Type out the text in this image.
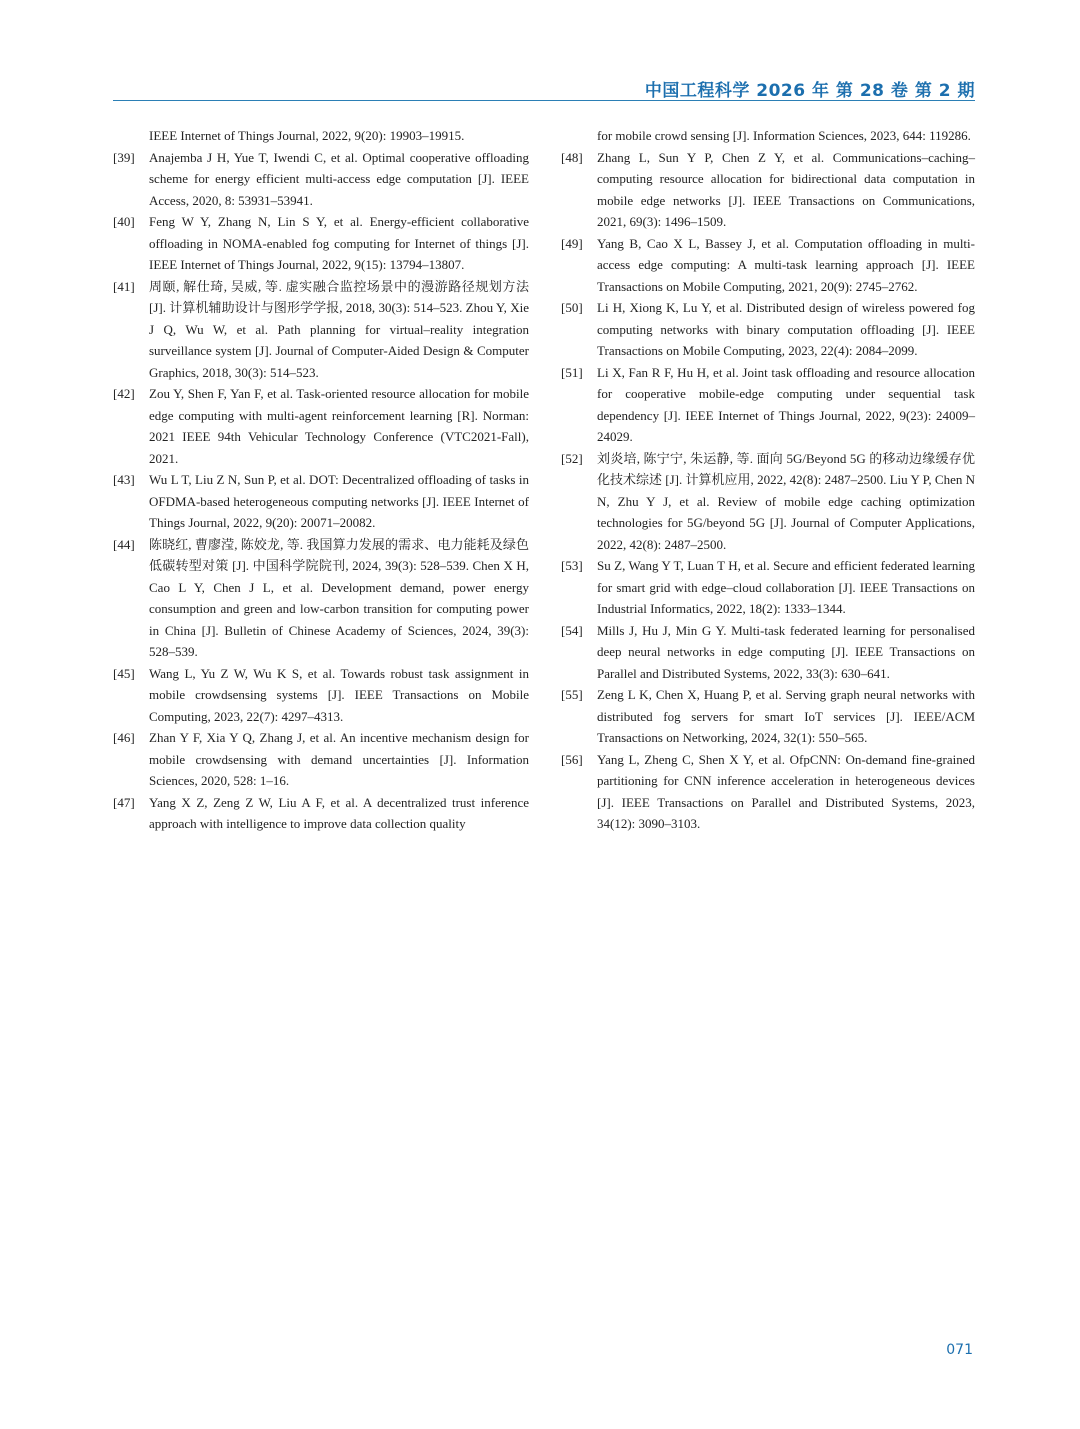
中国工程科学 2026 年 第 28 卷 第 2 期

IEEE Internet of Things Journal, 2022, 9(20): 19903–19915.

[39] Anajemba J H, Yue T, Iwendi C, et al. Optimal cooperative offloading scheme for energy efficient multi-access edge computation [J]. IEEE Access, 2020, 8: 53931–53941.
[40] Feng W Y, Zhang N, Lin S Y, et al. Energy-efficient collaborative offloading in NOMA-enabled fog computing for Internet of things [J]. IEEE Internet of Things Journal, 2022, 9(15): 13794–13807.
[41] 周颐, 解仕琦, 吴威, 等. 虚实融合监控场景中的漫游路径规划方法 [J]. 计算机辅助设计与图形学学报, 2018, 30(3): 514–523. Zhou Y, Xie J Q, Wu W, et al. Path planning for virtual–reality integration surveillance system [J]. Journal of Computer-Aided Design & Computer Graphics, 2018, 30(3): 514–523.
[42] Zou Y, Shen F, Yan F, et al. Task-oriented resource allocation for mobile edge computing with multi-agent reinforcement learning [R]. Norman: 2021 IEEE 94th Vehicular Technology Conference (VTC2021-Fall), 2021.
[43] Wu L T, Liu Z N, Sun P, et al. DOT: Decentralized offloading of tasks in OFDMA-based heterogeneous computing networks [J]. IEEE Internet of Things Journal, 2022, 9(20): 20071–20082.
[44] 陈晓红, 曹廖滢, 陈姣龙, 等. 我国算力发展的需求、电力能耗及绿色低碳转型对策 [J]. 中国科学院院刊, 2024, 39(3): 528–539. Chen X H, Cao L Y, Chen J L, et al. Development demand, power energy consumption and green and low-carbon transition for computing power in China [J]. Bulletin of Chinese Academy of Sciences, 2024, 39(3): 528–539.
[45] Wang L, Yu Z W, Wu K S, et al. Towards robust task assignment in mobile crowdsensing systems [J]. IEEE Transactions on Mobile Computing, 2023, 22(7): 4297–4313.
[46] Zhan Y F, Xia Y Q, Zhang J, et al. An incentive mechanism design for mobile crowdsensing with demand uncertainties [J]. Information Sciences, 2020, 528: 1–16.
[47] Yang X Z, Zeng Z W, Liu A F, et al. A decentralized trust inference approach with intelligence to improve data collection quality

for mobile crowd sensing [J]. Information Sciences, 2023, 644: 119286.

[48] Zhang L, Sun Y P, Chen Z Y, et al. Communications–caching–computing resource allocation for bidirectional data computation in mobile edge networks [J]. IEEE Transactions on Communications, 2021, 69(3): 1496–1509.
[49] Yang B, Cao X L, Bassey J, et al. Computation offloading in multi-access edge computing: A multi-task learning approach [J]. IEEE Transactions on Mobile Computing, 2021, 20(9): 2745–2762.
[50] Li H, Xiong K, Lu Y, et al. Distributed design of wireless powered fog computing networks with binary computation offloading [J]. IEEE Transactions on Mobile Computing, 2023, 22(4): 2084–2099.
[51] Li X, Fan R F, Hu H, et al. Joint task offloading and resource allocation for cooperative mobile-edge computing under sequential task dependency [J]. IEEE Internet of Things Journal, 2022, 9(23): 24009–24029.
[52] 刘炎培, 陈宁宁, 朱运静, 等. 面向 5G/Beyond 5G 的移动边缘缓存优化技术综述 [J]. 计算机应用, 2022, 42(8): 2487–2500. Liu Y P, Chen N N, Zhu Y J, et al. Review of mobile edge caching optimization technologies for 5G/beyond 5G [J]. Journal of Computer Applications, 2022, 42(8): 2487–2500.
[53] Su Z, Wang Y T, Luan T H, et al. Secure and efficient federated learning for smart grid with edge–cloud collaboration [J]. IEEE Transactions on Industrial Informatics, 2022, 18(2): 1333–1344.
[54] Mills J, Hu J, Min G Y. Multi-task federated learning for personalised deep neural networks in edge computing [J]. IEEE Transactions on Parallel and Distributed Systems, 2022, 33(3): 630–641.
[55] Zeng L K, Chen X, Huang P, et al. Serving graph neural networks with distributed fog servers for smart IoT services [J]. IEEE/ACM Transactions on Networking, 2024, 32(1): 550–565.
[56] Yang L, Zheng C, Shen X Y, et al. OfpCNN: On-demand fine-grained partitioning for CNN inference acceleration in heterogeneous devices [J]. IEEE Transactions on Parallel and Distributed Systems, 2023, 34(12): 3090–3103.
071
